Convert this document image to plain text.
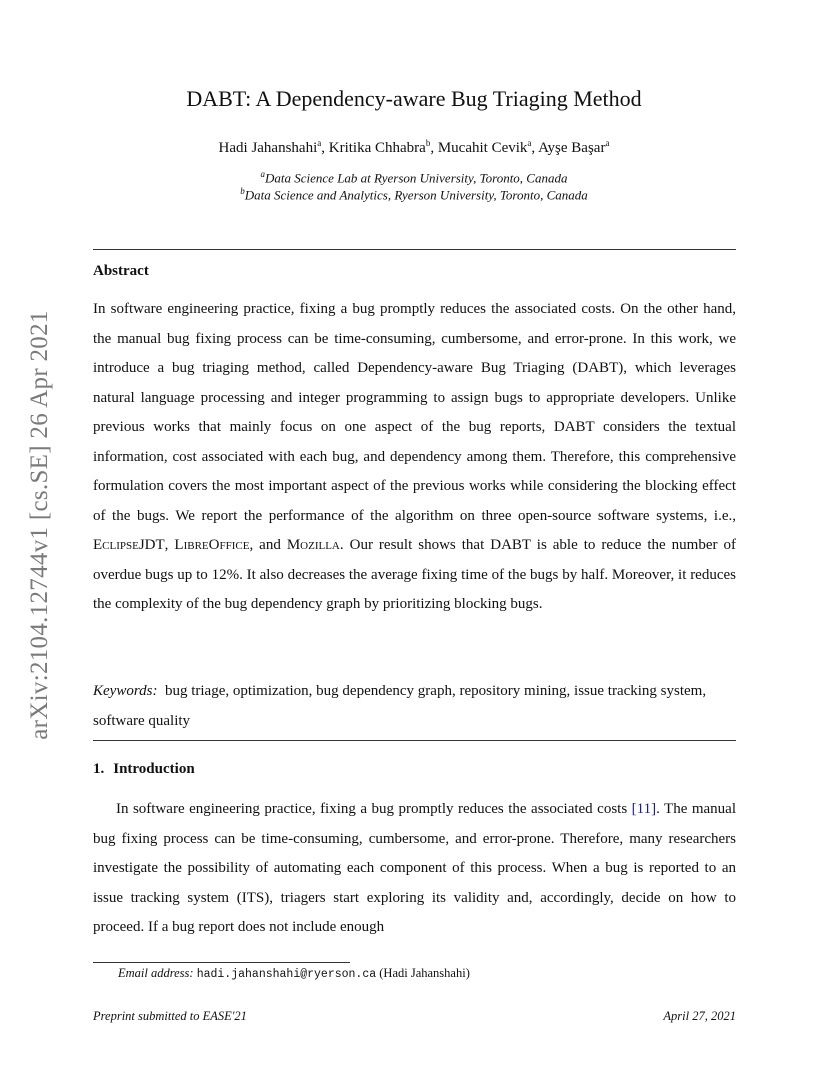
arXiv:2104.12744v1 [cs.SE] 26 Apr 2021
DABT: A Dependency-aware Bug Triaging Method
Hadi Jahanshahi$^a$, Kritika Chhabra$^b$, Mucahit Cevik$^a$, Ayşe Başar$^a$
$^a$Data Science Lab at Ryerson University, Toronto, Canada
$^b$Data Science and Analytics, Ryerson University, Toronto, Canada
Abstract
In software engineering practice, fixing a bug promptly reduces the associated costs. On the other hand, the manual bug fixing process can be time-consuming, cumbersome, and error-prone. In this work, we introduce a bug triaging method, called Dependency-aware Bug Triaging (DABT), which leverages natural language processing and integer programming to assign bugs to appropriate developers. Unlike previous works that mainly focus on one aspect of the bug reports, DABT considers the textual information, cost associated with each bug, and dependency among them. Therefore, this comprehensive formulation covers the most important aspect of the previous works while considering the blocking effect of the bugs. We report the performance of the algorithm on three open-source software systems, i.e., EclipseJDT, LibreOffice, and Mozilla. Our result shows that DABT is able to reduce the number of overdue bugs up to 12%. It also decreases the average fixing time of the bugs by half. Moreover, it reduces the complexity of the bug dependency graph by prioritizing blocking bugs.
Keywords: bug triage, optimization, bug dependency graph, repository mining, issue tracking system, software quality
1. Introduction
In software engineering practice, fixing a bug promptly reduces the associated costs [11]. The manual bug fixing process can be time-consuming, cumbersome, and error-prone. Therefore, many researchers investigate the possibility of automating each component of this process. When a bug is reported to an issue tracking system (ITS), triagers start exploring its validity and, accordingly, decide on how to proceed. If a bug report does not include enough
Email address: hadi.jahanshahi@ryerson.ca (Hadi Jahanshahi)
Preprint submitted to EASE'21	April 27, 2021
